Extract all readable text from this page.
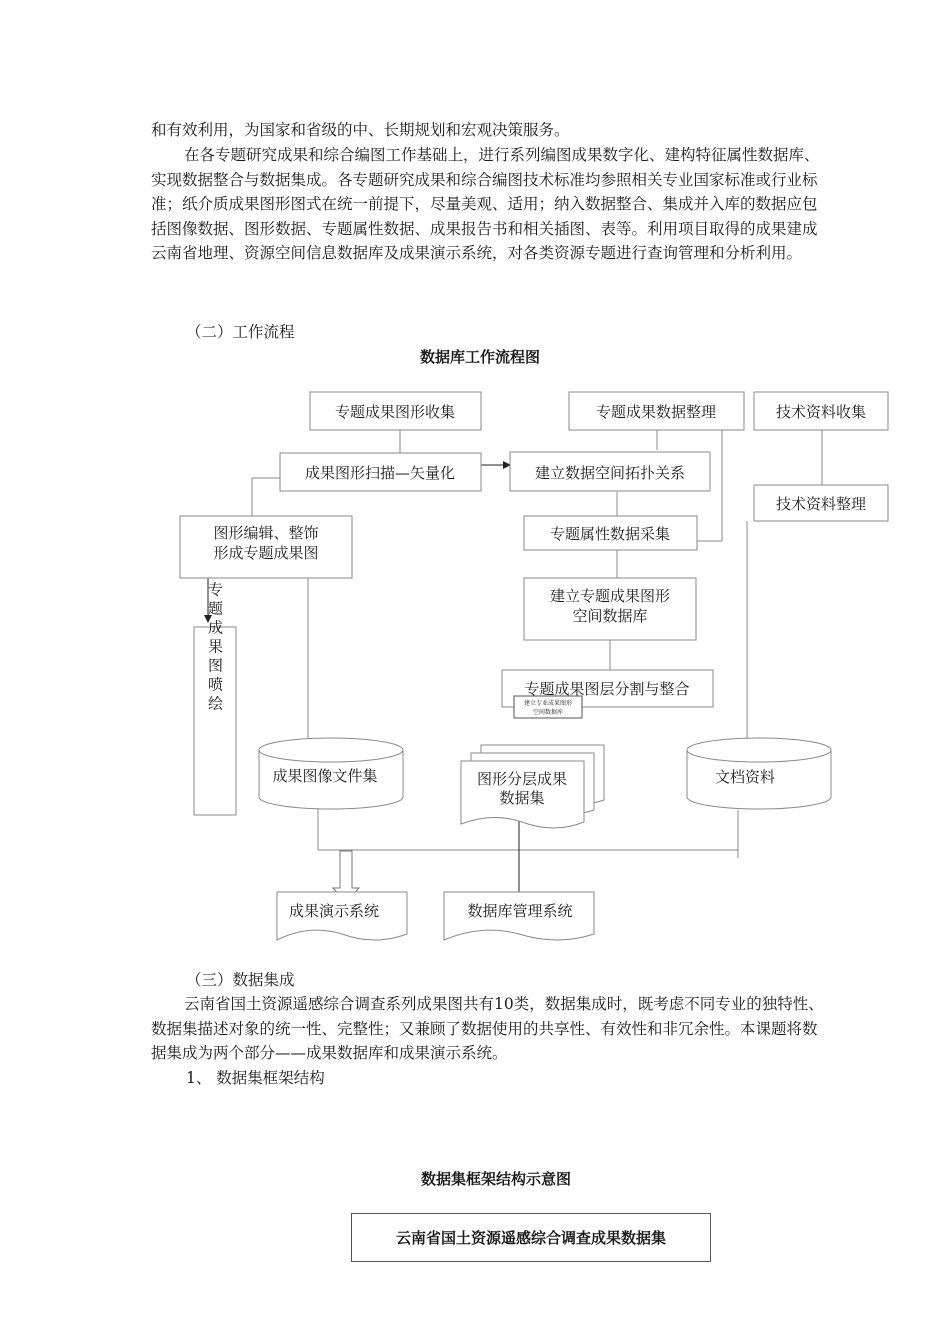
和有效利用，为国家和省级的中、长期规划和宏观决策服务。

在各专题研究成果和综合编图工作基础上，进行系列编图成果数字化、建构特征属性数据库、实现数据整合与数据集成。各专题研究成果和综合编图技术标准均参照相关专业国家标准或行业标准；纸介质成果图形图式在统一前提下，尽量美观、适用；纳入数据整合、集成并入库的数据应包括图像数据、图形数据、专题属性数据、成果报告书和相关插图、表等。利用项目取得的成果建成云南省地理、资源空间信息数据库及成果演示系统，对各类资源专题进行查询管理和分析利用。

（二）工作流程

数据库工作流程图

专题成果图形收集	专题成果数据整理	技术资料收集
成果图形扫描—矢量化	建立数据空间拓扑关系
技术资料整理
图形编辑、整饰
形成专题成果图
专题属性数据采集
建立专题成果图形
空间数据库
专题成果图喷绘	专题成果图层分割与整合
建立专业成果图形
空间数据库
成果图像文件集	图形分层成果
数据集
文档资料
成果演示系统	数据库管理系统

（三）数据集成

云南省国土资源遥感综合调查系列成果图共有10类，数据集成时，既考虑不同专业的独特性、数据集描述对象的统一性、完整性；又兼顾了数据使用的共享性、有效性和非冗余性。本课题将数据集成为两个部分——成果数据库和成果演示系统。

1、 数据集框架结构

数据集框架结构示意图

云南省国土资源遥感综合调查成果数据集
